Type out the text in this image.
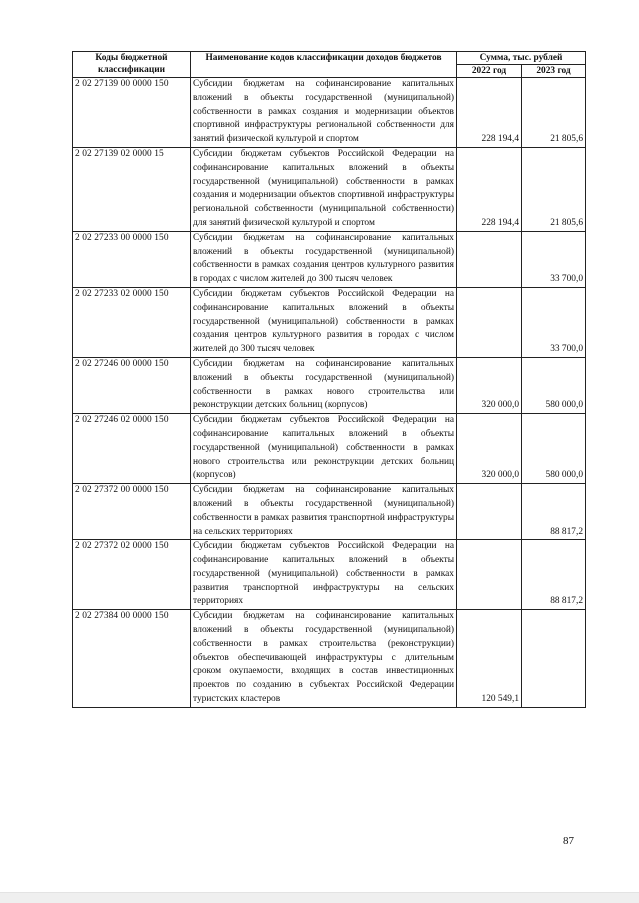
Коды бюджетной классификации	Наименование кодов классификации доходов бюджетов	Сумма, тыс. рублей	
		2022 год	2023 год
2 02 27139 00 0000 150	Субсидии бюджетам на софинансирование капитальных вложений в объекты государственной (муниципальной) собственности в рамках создания и модернизации объектов спортивной инфраструктуры региональной собственности для занятий физической культурой и спортом	228 194,4	21 805,6
2 02 27139 02 0000 15	Субсидии бюджетам субъектов Российской Федерации на софинансирование капитальных вложений в объекты государственной (муниципальной) собственности в рамках создания и модернизации объектов спортивной инфраструктуры региональной собственности (муниципальной собственности) для занятий физической культурой и спортом	228 194,4	21 805,6
2 02 27233 00 0000 150	Субсидии бюджетам на софинансирование капитальных вложений в объекты государственной (муниципальной) собственности в рамках создания центров культурного развития в городах с числом жителей до 300 тысяч человек		33 700,0
2 02 27233 02 0000 150	Субсидии бюджетам субъектов Российской Федерации на софинансирование капитальных вложений в объекты государственной (муниципальной) собственности в рамках создания центров культурного развития в городах с числом жителей до 300 тысяч человек		33 700,0
2 02 27246 00 0000 150	Субсидии бюджетам на софинансирование капитальных вложений в объекты государственной (муниципальной) собственности в рамках нового строительства или реконструкции детских больниц (корпусов)	320 000,0	580 000,0
2 02 27246 02 0000 150	Субсидии бюджетам субъектов Российской Федерации на софинансирование капитальных вложений в объекты государственной (муниципальной) собственности в рамках нового строительства или реконструкции детских больниц (корпусов)	320 000,0	580 000,0
2 02 27372 00 0000 150	Субсидии бюджетам на софинансирование капитальных вложений в объекты государственной (муниципальной) собственности в рамках развития транспортной инфраструктуры на сельских территориях		88 817,2
2 02 27372 02 0000 150	Субсидии бюджетам субъектов Российской Федерации на софинансирование капитальных вложений в объекты государственной (муниципальной) собственности в рамках развития транспортной инфраструктуры на сельских территориях		88 817,2
2 02 27384 00 0000 150	Субсидии бюджетам на софинансирование капитальных вложений в объекты государственной (муниципальной) собственности в рамках строительства (реконструкции) объектов обеспечивающей инфраструктуры с длительным сроком окупаемости, входящих в состав инвестиционных проектов по созданию в субъектах Российской Федерации туристских кластеров	120 549,1	
87
